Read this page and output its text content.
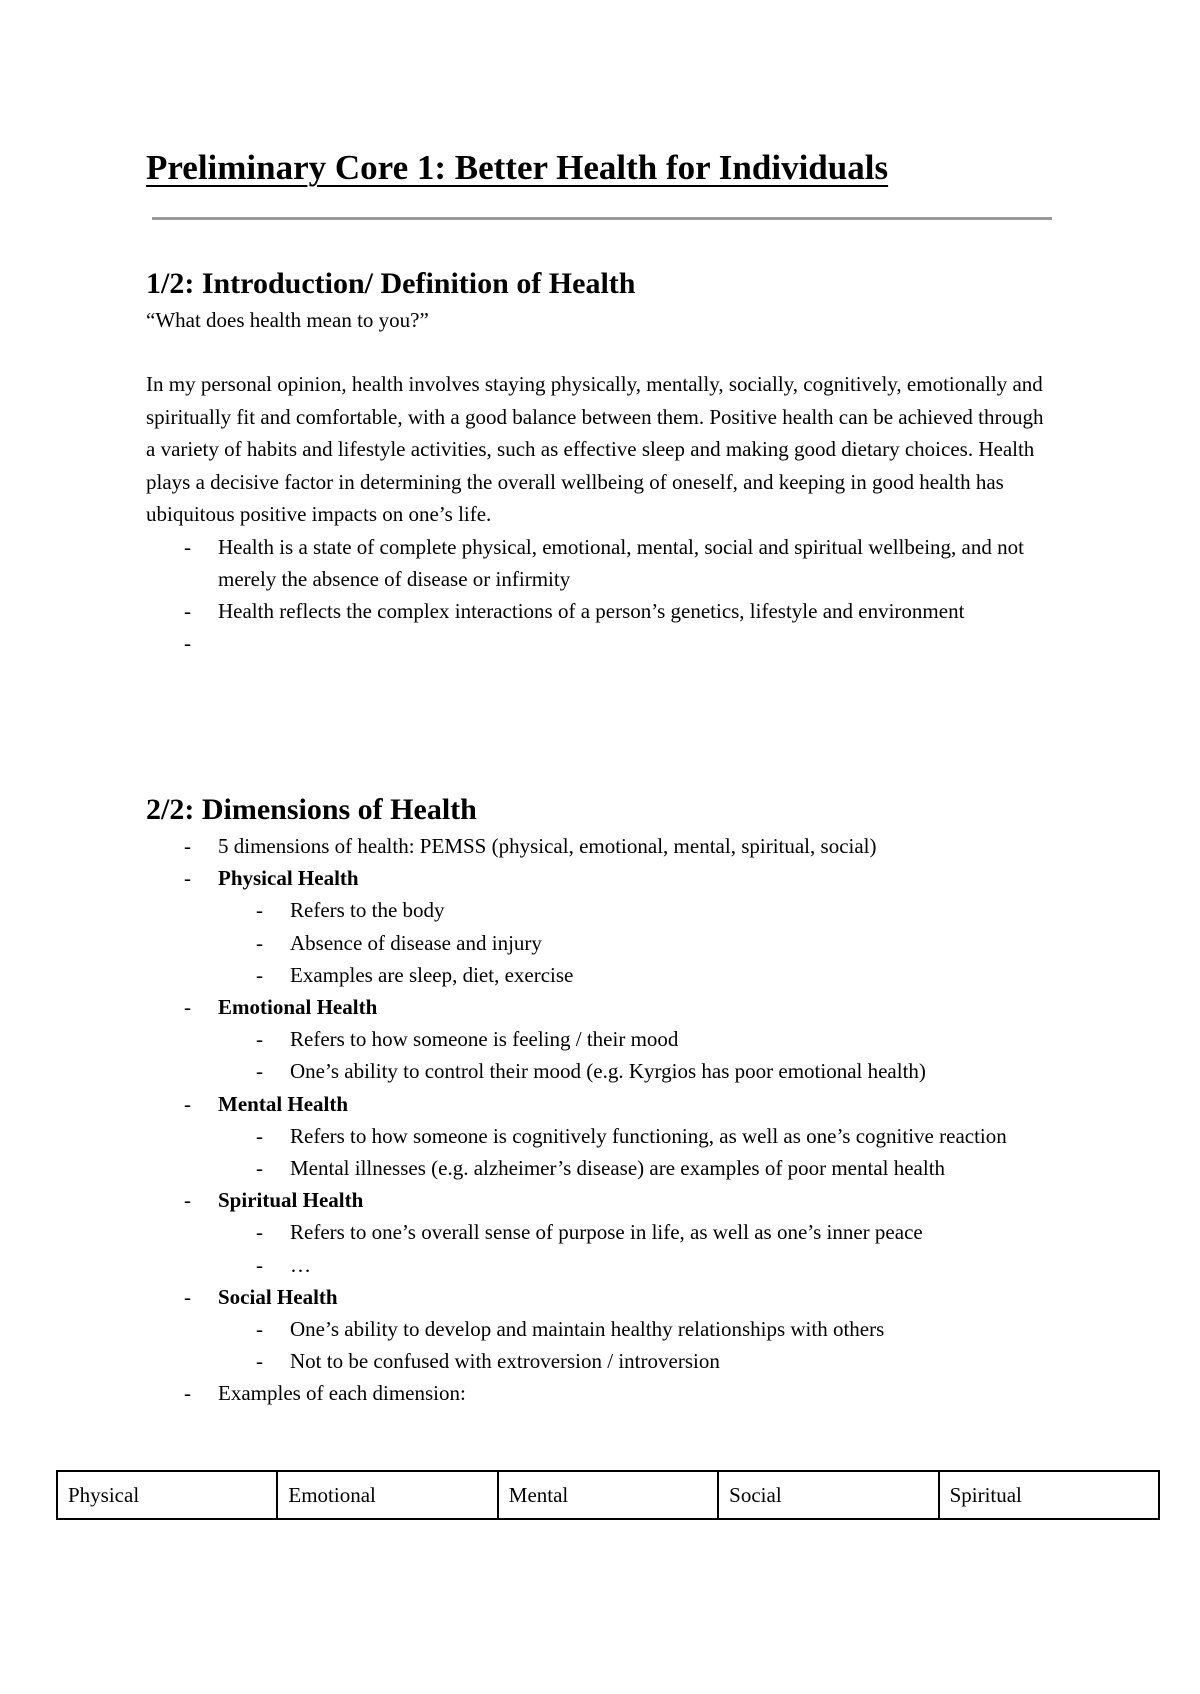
Preliminary Core 1: Better Health for Individuals
1/2: Introduction/ Definition of Health

“What does health mean to you?”

In my personal opinion, health involves staying physically, mentally, socially, cognitively, emotionally and spiritually fit and comfortable, with a good balance between them. Positive health can be achieved through a variety of habits and lifestyle activities, such as effective sleep and making good dietary choices. Health plays a decisive factor in determining the overall wellbeing of oneself, and keeping in good health has ubiquitous positive impacts on one’s life.

- Health is a state of complete physical, emotional, mental, social and spiritual wellbeing, and not merely the absence of disease or infirmity
- Health reflects the complex interactions of a person’s genetics, lifestyle and environment
2/2: Dimensions of Health
- 5 dimensions of health: PEMSS (physical, emotional, mental, spiritual, social)
- Physical Health
- Refers to the body
- Absence of disease and injury
- Examples are sleep, diet, exercise
- Emotional Health
- Refers to how someone is feeling / their mood
- One’s ability to control their mood (e.g. Kyrgios has poor emotional health)
- Mental Health
- Refers to how someone is cognitively functioning, as well as one’s cognitive reaction
- Mental illnesses (e.g. alzheimer’s disease) are examples of poor mental health
- Spiritual Health
- Refers to one’s overall sense of purpose in life, as well as one’s inner peace
- …
- Social Health
- One’s ability to develop and maintain healthy relationships with others
- Not to be confused with extroversion / introversion
- Examples of each dimension:
Physical	Emotional	Mental	Social	Spiritual
